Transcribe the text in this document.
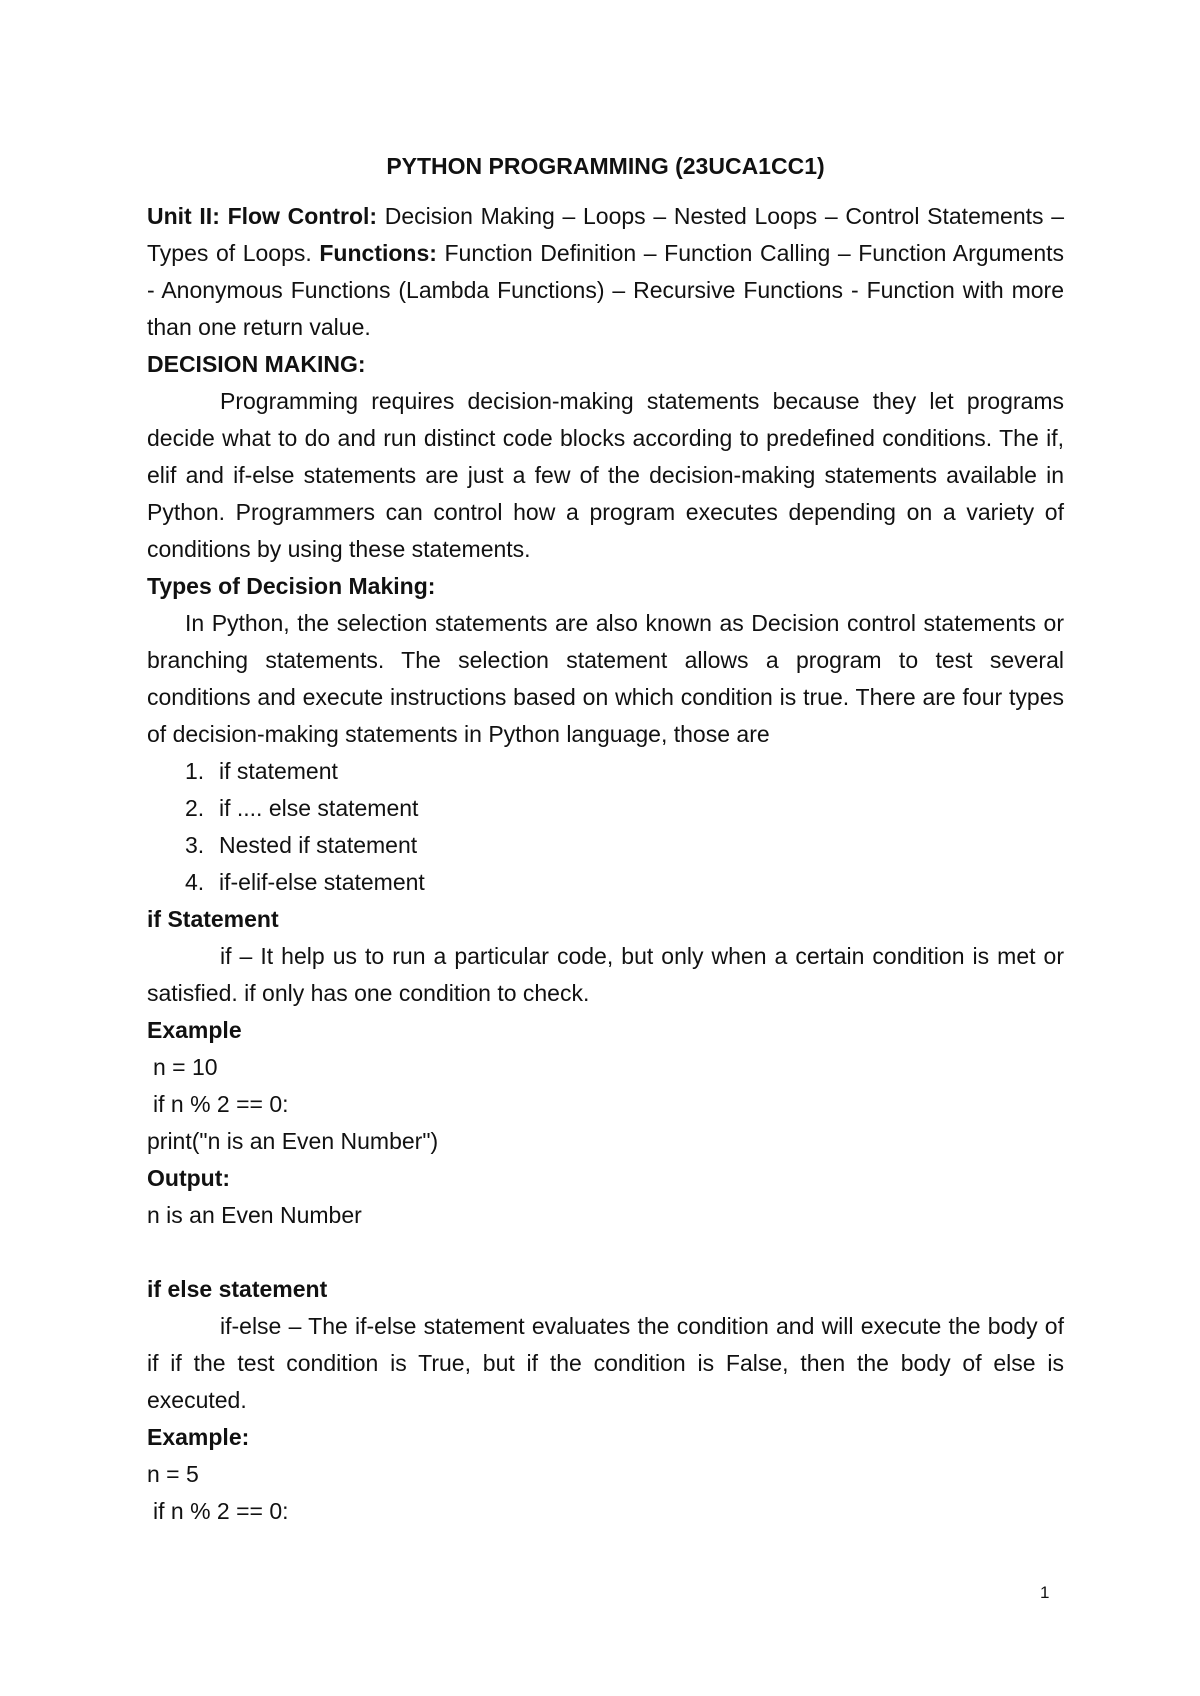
PYTHON PROGRAMMING (23UCA1CC1)

Unit II: Flow Control: Decision Making – Loops – Nested Loops – Control Statements – Types of Loops. Functions: Function Definition – Function Calling – Function Arguments - Anonymous Functions (Lambda Functions) – Recursive Functions - Function with more than one return value.

DECISION MAKING:

Programming requires decision-making statements because they let programs decide what to do and run distinct code blocks according to predefined conditions. The if, elif and if-else statements are just a few of the decision-making statements available in Python. Programmers can control how a program executes depending on a variety of conditions by using these statements.

Types of Decision Making:

In Python, the selection statements are also known as Decision control statements or branching statements. The selection statement allows a program to test several conditions and execute instructions based on which condition is true. There are four types of decision-making statements in Python language, those are

1. if statement
2. if .... else statement
3. Nested if statement
4. if-elif-else statement

if Statement

if – It help us to run a particular code, but only when a certain condition is met or satisfied. if only has one condition to check.

Example

n = 10

if n % 2 == 0:

print("n is an Even Number")

Output:

n is an Even Number

if else statement

if-else – The if-else statement evaluates the condition and will execute the body of if if the test condition is True, but if the condition is False, then the body of else is executed.

Example:

n = 5

if n % 2 == 0:

1
